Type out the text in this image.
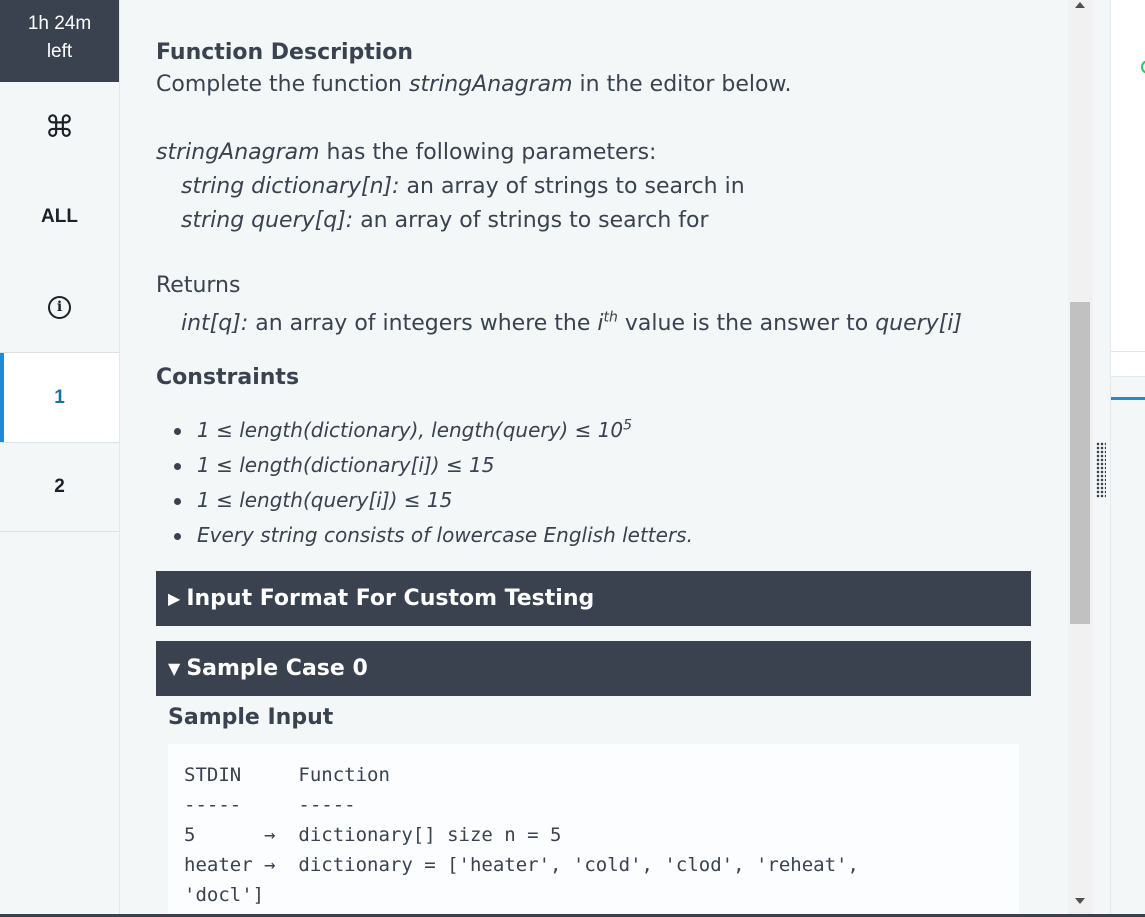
1h 24m
left
⌘
ALL
i
1
2
Function Description
Complete the function stringAnagram in the editor below.
stringAnagram has the following parameters:
string dictionary[n]: an array of strings to search in
string query[q]: an array of strings to search for
Returns
int[q]: an array of integers where the $i^{th}$ value is the answer to query[i]
Constraints
1 ≤ length(dictionary), length(query) ≤ $10^5$
1 ≤ length(dictionary[i]) ≤ 15
1 ≤ length(query[i]) ≤ 15
Every string consists of lowercase English letters.
▶ Input Format For Custom Testing
▼ Sample Case 0
Sample Input
STDIN     Function
-----     -----
5      →  dictionary[] size n = 5
heater →  dictionary = ['heater', 'cold', 'clod', 'reheat',
'docl']
